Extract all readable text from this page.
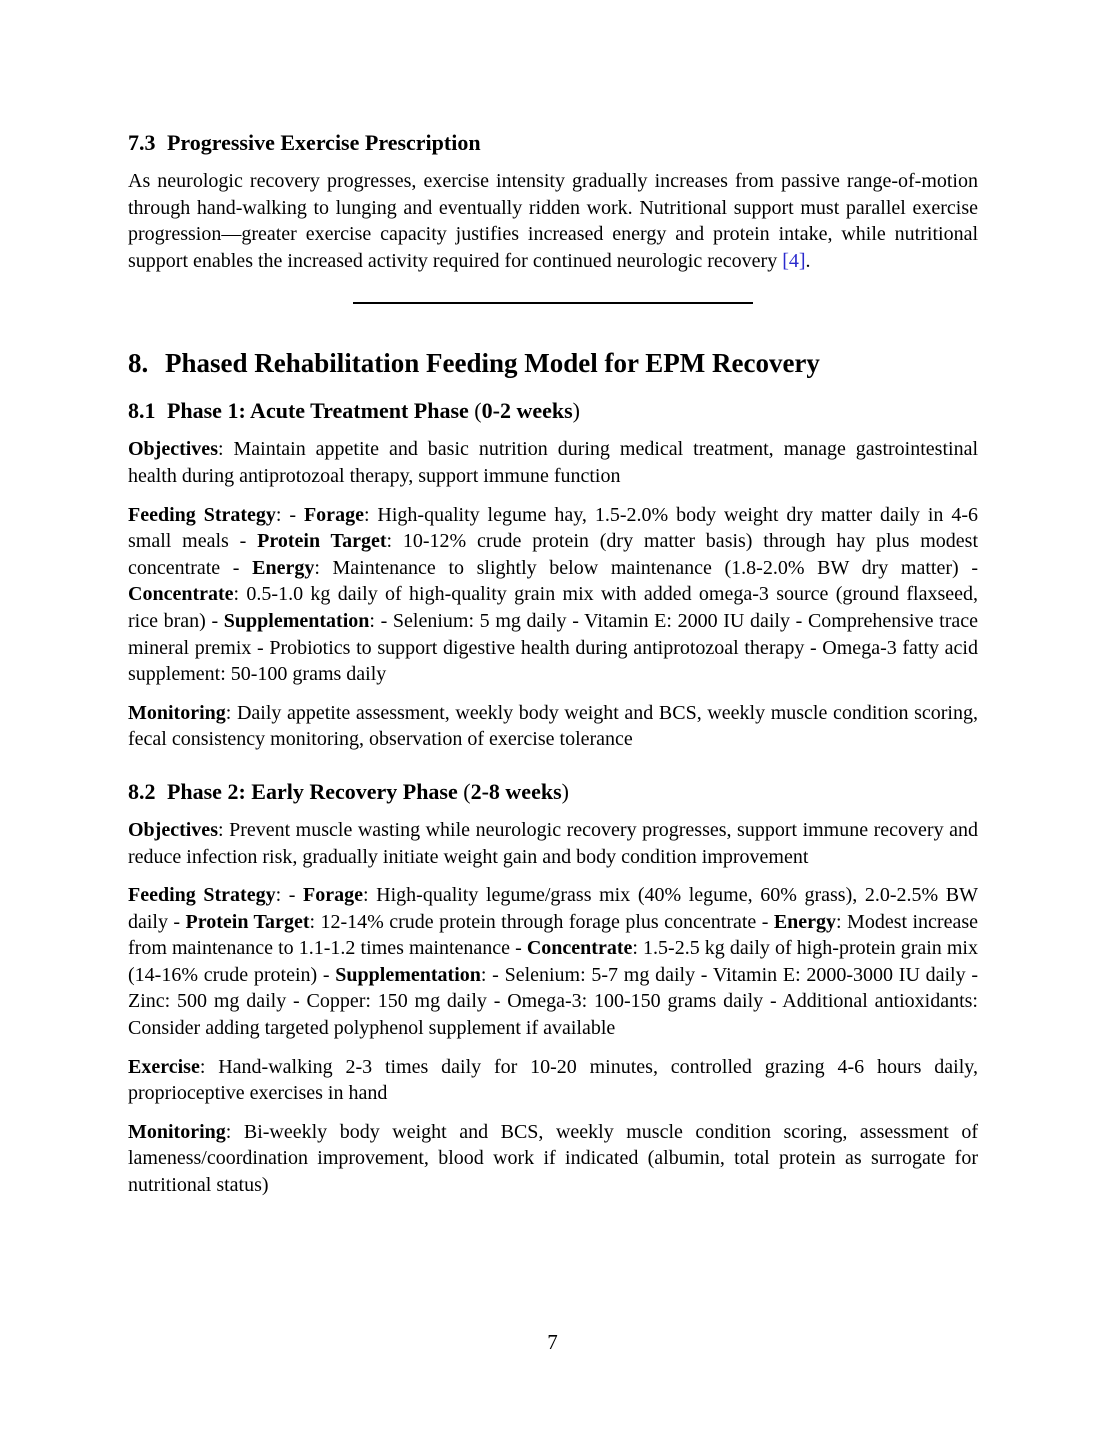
7.3 Progressive Exercise Prescription

As neurologic recovery progresses, exercise intensity gradually increases from passive range-of-motion through hand-walking to lunging and eventually ridden work. Nutritional support must parallel exercise progression—greater exercise capacity justifies increased energy and protein intake, while nutritional support enables the increased activity required for continued neurologic recovery [4].

8. Phased Rehabilitation Feeding Model for EPM Recovery
8.1 Phase 1: Acute Treatment Phase (0-2 weeks)

Objectives: Maintain appetite and basic nutrition during medical treatment, manage gastrointestinal health during antiprotozoal therapy, support immune function

Feeding Strategy: - Forage: High-quality legume hay, 1.5-2.0% body weight dry matter daily in 4-6 small meals - Protein Target: 10-12% crude protein (dry matter basis) through hay plus modest concentrate - Energy: Maintenance to slightly below maintenance (1.8-2.0% BW dry matter) - Concentrate: 0.5-1.0 kg daily of high-quality grain mix with added omega-3 source (ground flaxseed, rice bran) - Supplementation: - Selenium: 5 mg daily - Vitamin E: 2000 IU daily - Comprehensive trace mineral premix - Probiotics to support digestive health during antiprotozoal therapy - Omega-3 fatty acid supplement: 50-100 grams daily

Monitoring: Daily appetite assessment, weekly body weight and BCS, weekly muscle condition scoring, fecal consistency monitoring, observation of exercise tolerance

8.2 Phase 2: Early Recovery Phase (2-8 weeks)

Objectives: Prevent muscle wasting while neurologic recovery progresses, support immune recovery and reduce infection risk, gradually initiate weight gain and body condition improvement

Feeding Strategy: - Forage: High-quality legume/grass mix (40% legume, 60% grass), 2.0-2.5% BW daily - Protein Target: 12-14% crude protein through forage plus concentrate - Energy: Modest increase from maintenance to 1.1-1.2 times maintenance - Concentrate: 1.5-2.5 kg daily of high-protein grain mix (14-16% crude protein) - Supplementation: - Selenium: 5-7 mg daily - Vitamin E: 2000-3000 IU daily - Zinc: 500 mg daily - Copper: 150 mg daily - Omega-3: 100-150 grams daily - Additional antioxidants: Consider adding targeted polyphenol supplement if available

Exercise: Hand-walking 2-3 times daily for 10-20 minutes, controlled grazing 4-6 hours daily, proprioceptive exercises in hand

Monitoring: Bi-weekly body weight and BCS, weekly muscle condition scoring, assessment of lameness/coordination improvement, blood work if indicated (albumin, total protein as surrogate for nutritional status)

7
